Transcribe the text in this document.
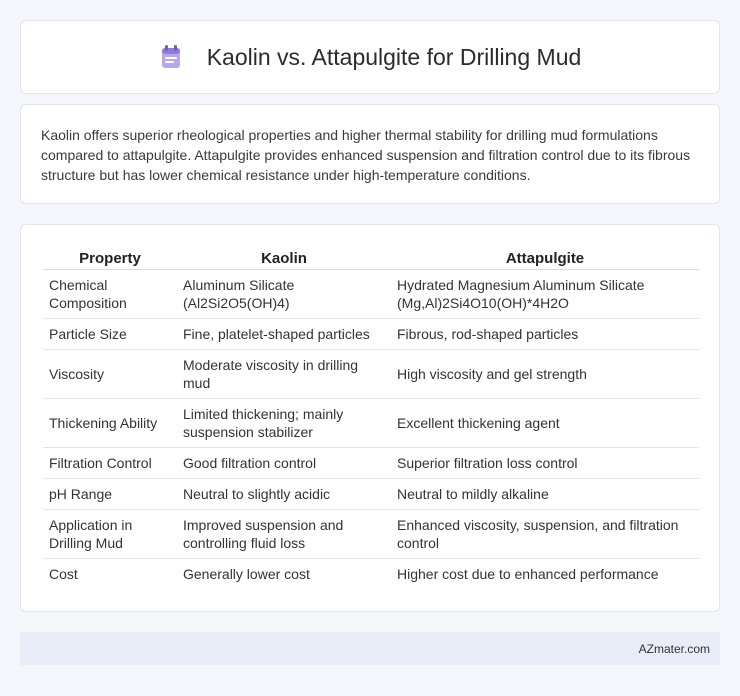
Kaolin vs. Attapulgite for Drilling Mud

Kaolin offers superior rheological properties and higher thermal stability for drilling mud formulations compared to attapulgite. Attapulgite provides enhanced suspension and filtration control due to its fibrous structure but has lower chemical resistance under high-temperature conditions.

Property	Kaolin	Attapulgite
Chemical Composition	Aluminum Silicate (Al2Si2O5(OH)4)	Hydrated Magnesium Aluminum Silicate (Mg,Al)2Si4O10(OH)*4H2O
Particle Size	Fine, platelet-shaped particles	Fibrous, rod-shaped particles
Viscosity	Moderate viscosity in drilling mud	High viscosity and gel strength
Thickening Ability	Limited thickening; mainly suspension stabilizer	Excellent thickening agent
Filtration Control	Good filtration control	Superior filtration loss control
pH Range	Neutral to slightly acidic	Neutral to mildly alkaline
Application in Drilling Mud	Improved suspension and controlling fluid loss	Enhanced viscosity, suspension, and filtration control
Cost	Generally lower cost	Higher cost due to enhanced performance
AZmater.com
